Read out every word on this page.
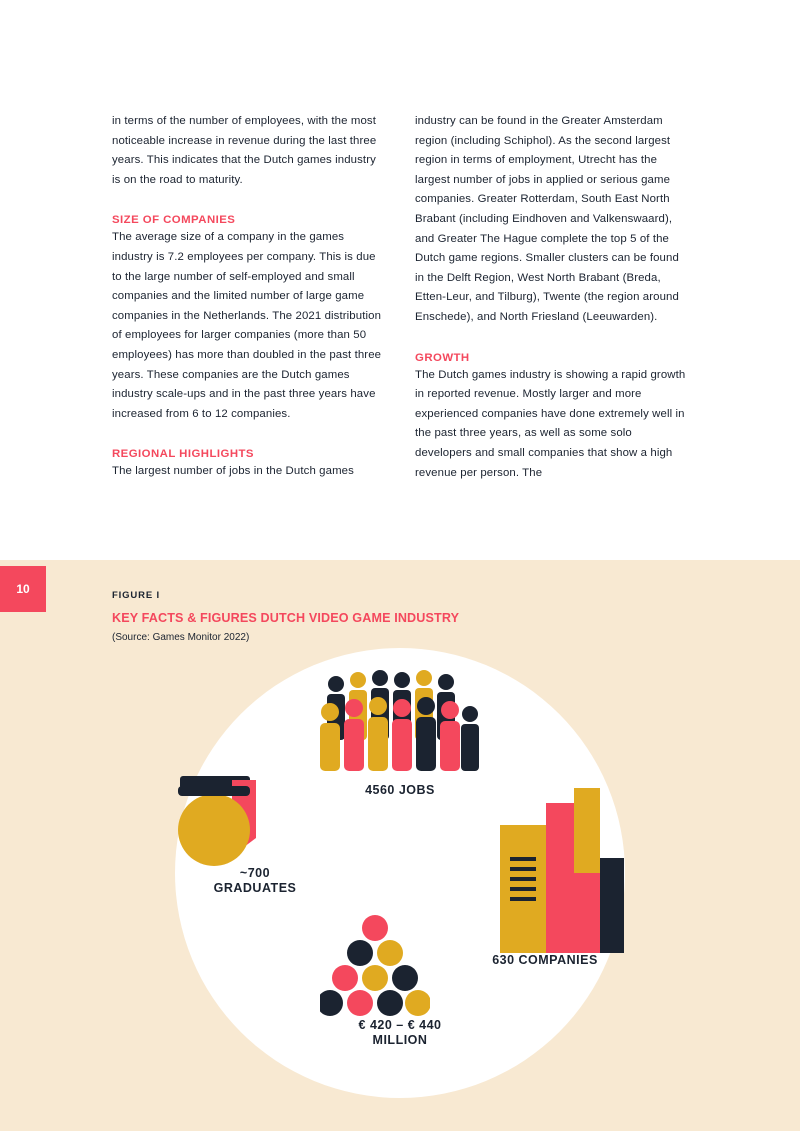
in terms of the number of employees, with the most noticeable increase in revenue during the last three years. This indicates that the Dutch games industry is on the road to maturity.

SIZE OF COMPANIES

The average size of a company in the games industry is 7.2 employees per company. This is due to the large number of self-employed and small companies and the limited number of large game companies in the Netherlands. The 2021 distribution of employees for larger companies (more than 50 employees) has more than doubled in the past three years. These companies are the Dutch games industry scale-ups and in the past three years have increased from 6 to 12 companies.

REGIONAL HIGHLIGHTS

The largest number of jobs in the Dutch games

industry can be found in the Greater Amsterdam region (including Schiphol). As the second largest region in terms of employment, Utrecht has the largest number of jobs in applied or serious game companies. Greater Rotterdam, South East North Brabant (including Eindhoven and Valkenswaard), and Greater The Hague complete the top 5 of the Dutch game regions. Smaller clusters can be found in the Delft Region, West North Brabant (Breda, Etten-Leur, and Tilburg), Twente (the region around Enschede), and North Friesland (Leeuwarden).

GROWTH

The Dutch games industry is showing a rapid growth in reported revenue. Mostly larger and more experienced companies have done extremely well in the past three years, as well as some solo developers and small companies that show a high revenue per person. The

10	FIGURE I
KEY FACTS & FIGURES DUTCH VIDEO GAME INDUSTRY
(Source: Games Monitor 2022)
4560 JOBS
~700
GRADUATES
630 COMPANIES
€ 420 – € 440
MILLION
